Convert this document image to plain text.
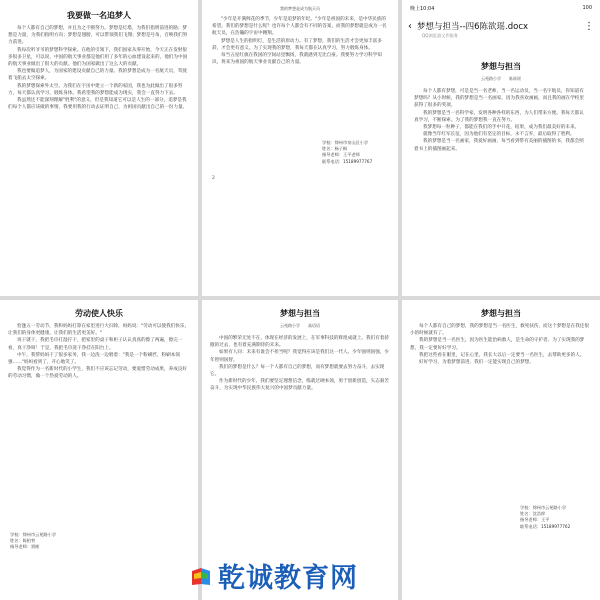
我要做一名追梦人

每个人都有自己的梦想，并且为之不断努力。梦想是灯塔，为我们指明前进的路；梦想是力量，为我们指明方向；梦想是翅膀，可以带领我们飞翔；梦想是号角，召唤我们努力前进。

我每次听爷爷的梦想科学探索。在他的引领下，我们国家从零开始，今天正在发射很多很多卫星，可以说，中国的航天事业都是他们用了多年的心血建设起来的，他们为中国的航天事业做出了很大的贡献。他们为国家做出了这么大的贡献。

我也要做追梦人，为国家的建设贡献自己的力量。我的梦想是成为一名航天员，驾驶着飞船去太空探索。

我的梦想探索外太空。为我们在宇宙中建立一个新的家园，我也为此做出了很多努力，每天都认真学习，锻炼身体。我希望我的梦想能成为现实，我会一直努力下去。

我虽然还不能深刻理解"胜利"的意义，但是我知道它可以是人生的一部分，追梦是我们每个人都应该做的事情，我要用我的行动去证明自己，为祖国贡献出自己的一份力量。

我的梦想是成为航天员

"少年是开满鲜花的季节，少年是追梦的年纪。"少年是祖国的未来，是中华民族的希望。我们的梦想是什么呢？也许每个人都会有不同的答案，而我的梦想就是成为一名航天员，在浩瀚的宇宙中翱翔。

梦想是人生的指明灯，是生活的原动力。有了梦想，我们的生活才会更加丰富多彩，才会更有意义。为了实现我的梦想，我每天都在认真学习，努力锻炼身体。

每当五星红旗在我国的空间站里飘扬，我就感到无比自豪。我要努力学习科学知识，将来为祖国的航天事业贡献自己的力量。

学校：徐州市泉山区小学
姓名：杨子枫
指导老师：王平老师
联系电话：15189977767
2
晚上10:04	100
‹ 梦想与担当--四6陈欲瑶.docx	⋮
QQ浏览器文件服务

梦想与担当

云苑路小学　　陈欲瑶

每个人都有梦想，可是是当一名老师，当一名运动员，当一名宇航员，你知道有梦想吗？从小时候，我的梦想是当一名画家，因为我喜欢画画，而且我的画在学校里获得了很多的奖项。

我的梦想是当一名科学家，发明各种各样的东西，为人们带来方便。我每天都认真学习，不断探索。为了我的梦想我一直在努力。

我梦想每一粒种子，都能在我们的手中开花，结果，成为我们最美好的未来。

就像当年红军长征，因为他们有坚定的目标，永不言弃，最后取得了胜利。

我的梦想是当一名画家，我爱好画画，每当看到带有美丽的插图的书，我都会照着书上的插图画起来。

劳动使人快乐

恰逢五一劳动节，我和妈妈打算在家里进行大扫除，妈妈说："劳动可以使我们快乐，让我们的身体更健康，让我们的生活更美好。"

说干就干，我把毛巾打湿拧干，把家里的桌子和柜子认认真真的擦了两遍，擦完一看，真干净呀！于是，我把毛巾洗干净挂在阳台上。

中午，我帮妈妈干了很多家务，我一边洗一边唱着："我是一个粉刷匠，粉刷本领强……"妈妈看到了，开心地笑了。

我觉得作为一名新时代的小学生，我们不应该忘记劳动，要爱惜劳动成果，养成良好的劳动习惯，做一个热爱劳动的人。

学校：徐州市云苑路小学
姓名：陈柏宥
指导老师：贾彬

梦想与担当

云苑路小学　　高语语

中国的繁荣无处不在，体现在经济的发展上，在军事科技的辉煌成就上。我们有着骄傲的过去，也有着充满期待的未来。

如果有人问：未来有谁会不担当呢？我觉得应该是我们这一代人。少年强则国强，少年智则国智。

我们的梦想是什么？每一个人都有自己的梦想，而有梦想就要去努力奋斗，去实现它。

作为新时代的少年，我们要坚定理想信念，练就过硬本领，勇于创新创造，矢志艰苦奋斗，为实现中华民族伟大复兴的中国梦贡献力量。

梦想与担当

每个人都有自己的梦想，我的梦想是当一名医生，救死扶伤，而这个梦想是在我还很小的时候就有了。

我的梦想是当一名医生，因为医生能治病救人，是生命的守护者。为了实现我的梦想，我一定要好好学习。

我把这些看在眼里，记在心里，我长大以后一定要当一名医生，去帮助更多的人。

好好学习，为着梦想前进，我们一定能实现自己的梦想。

学校：徐州市云苑路小学
姓名：沈浩梓
指导老师：王平
联系电话：15189977762
乾诚教育网
